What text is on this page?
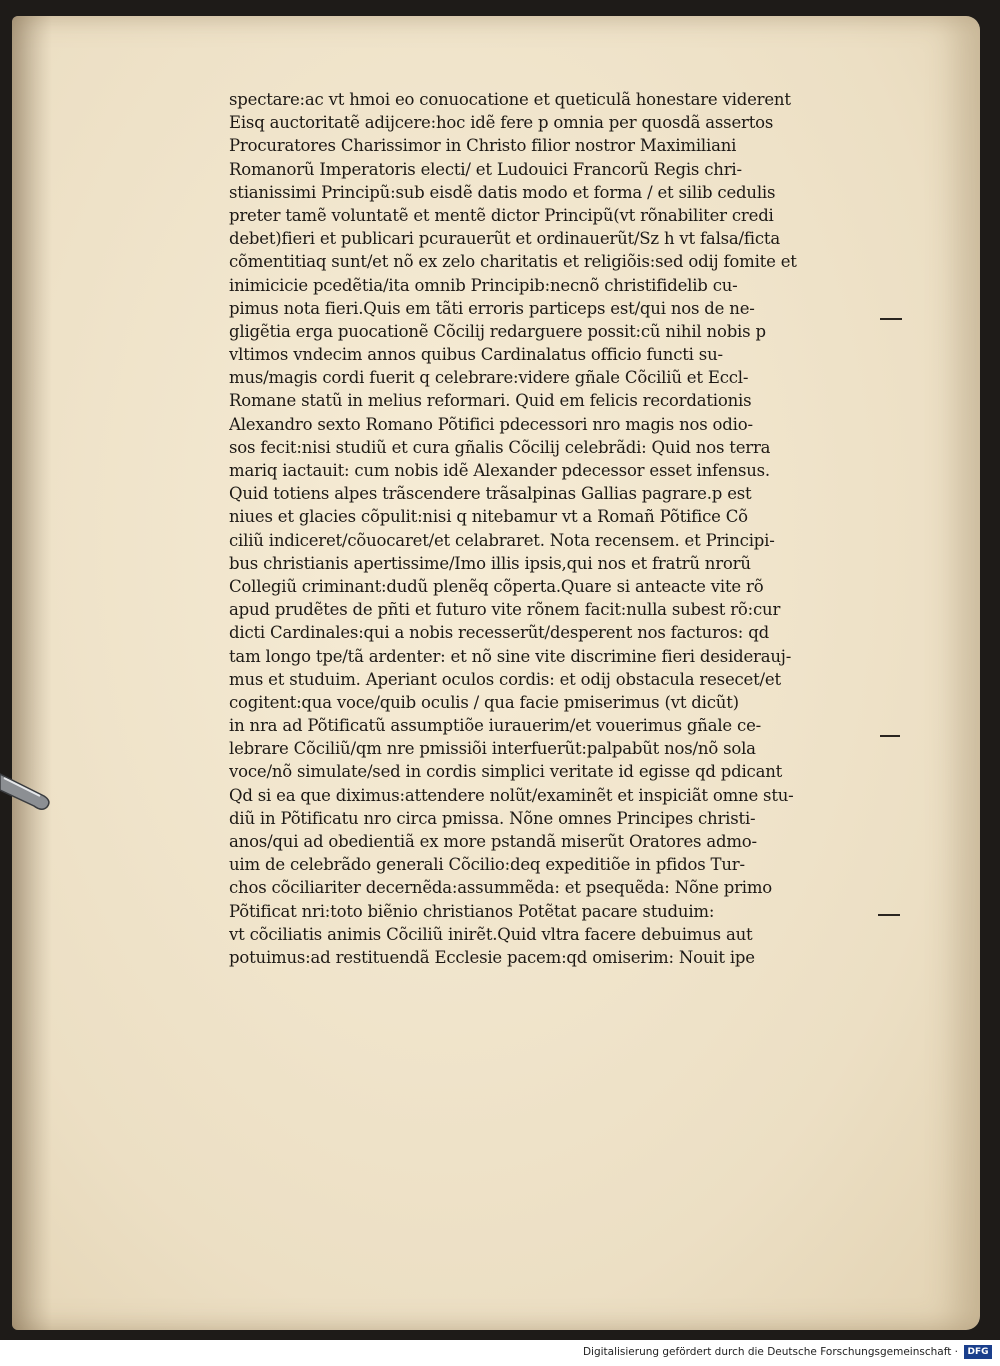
spectare:ac vt hmoi eo conuocatione et queticulã honestare viderent
Eisq auctoritatẽ adijcere:hoc idẽ fere p omnia per quosdã assertos
Procuratores Charissimor in Christo filior nostror Maximiliani
Romanorũ Imperatoris electi/ et Ludouici Francorũ Regis chri-
stianissimi Principũ:sub eisdẽ datis modo et forma / et silib cedulis
preter tamẽ voluntatẽ et mentẽ dictor Principũ(vt rõnabiliter credi
debet)fieri et publicari pcurauerũt et ordinauerũt/Sz h vt falsa/ficta
cõmentitiaq sunt/et nõ ex zelo charitatis et religiõis:sed odij fomite et
inimicicie pcedẽtia/ita omnib Principib:necnõ christifidelib cu-
pimus nota fieri.Quis em tãti erroris particeps est/qui nos de ne-
gligẽtia erga puocationẽ Cõcilij redarguere possit:cũ nihil nobis p
vltimos vndecim annos quibus Cardinalatus officio functi su-
mus/magis cordi fuerit q celebrare:videre gñale Cõciliũ et Eccl-
Romane statũ in melius reformari. Quid em felicis recordationis
Alexandro sexto Romano Põtifici pdecessori nro magis nos odio-
sos fecit:nisi studiũ et cura gñalis Cõcilij celebrãdi: Quid nos terra
mariq iactauit: cum nobis idẽ Alexander pdecessor esset infensus.
Quid totiens alpes trãscendere trãsalpinas Gallias pagrare.p est
niues et glacies cõpulit:nisi q nitebamur vt a Romañ Põtifice Cõ
ciliũ indiceret/cõuocaret/et celabraret. Nota recensem. et Principi-
bus christianis apertissime/Imo illis ipsis,qui nos et fratrũ nrorũ
Collegiũ criminant:dudũ plenẽq cõperta.Quare si anteacte vite rõ
apud prudẽtes de pñti et futuro vite rõnem facit:nulla subest rõ:cur
dicti Cardinales:qui a nobis recesserũt/desperent nos facturos: qd
tam longo tpe/tã ardenter: et nõ sine vite discrimine fieri desiderauj-
mus et studuim. Aperiant oculos cordis: et odij obstacula resecet/et
cogitent:qua voce/quib oculis / qua facie pmiserimus (vt dicũt)
in nra ad Põtificatũ assumptiõe iurauerim/et vouerimus gñale ce-
lebrare Cõciliũ/qm nre pmissiõi interfuerũt:palpabũt nos/nõ sola
voce/nõ simulate/sed in cordis simplici veritate id egisse qd pdicant
Qd si ea que diximus:attendere nolũt/examinẽt et inspiciãt omne stu-
diũ in Põtificatu nro circa pmissa. Nõne omnes Principes christi-
anos/qui ad obedientiã ex more pstandã miserũt Oratores admo-
uim de celebrãdo generali Cõcilio:deq expeditiõe in pfidos Tur-
chos cõciliariter decernẽda:assummẽda: et psequẽda: Nõne primo
Põtificat nri:toto biẽnio christianos Potẽtat pacare studuim:
vt cõciliatis animis Cõciliũ inirẽt.Quid vltra facere debuimus aut
potuimus:ad restituendã Ecclesie pacem:qd omiserim: Nouit ipe
Digitalisierung gefördert durch die Deutsche Forschungsgemeinschaft ·	DFG
